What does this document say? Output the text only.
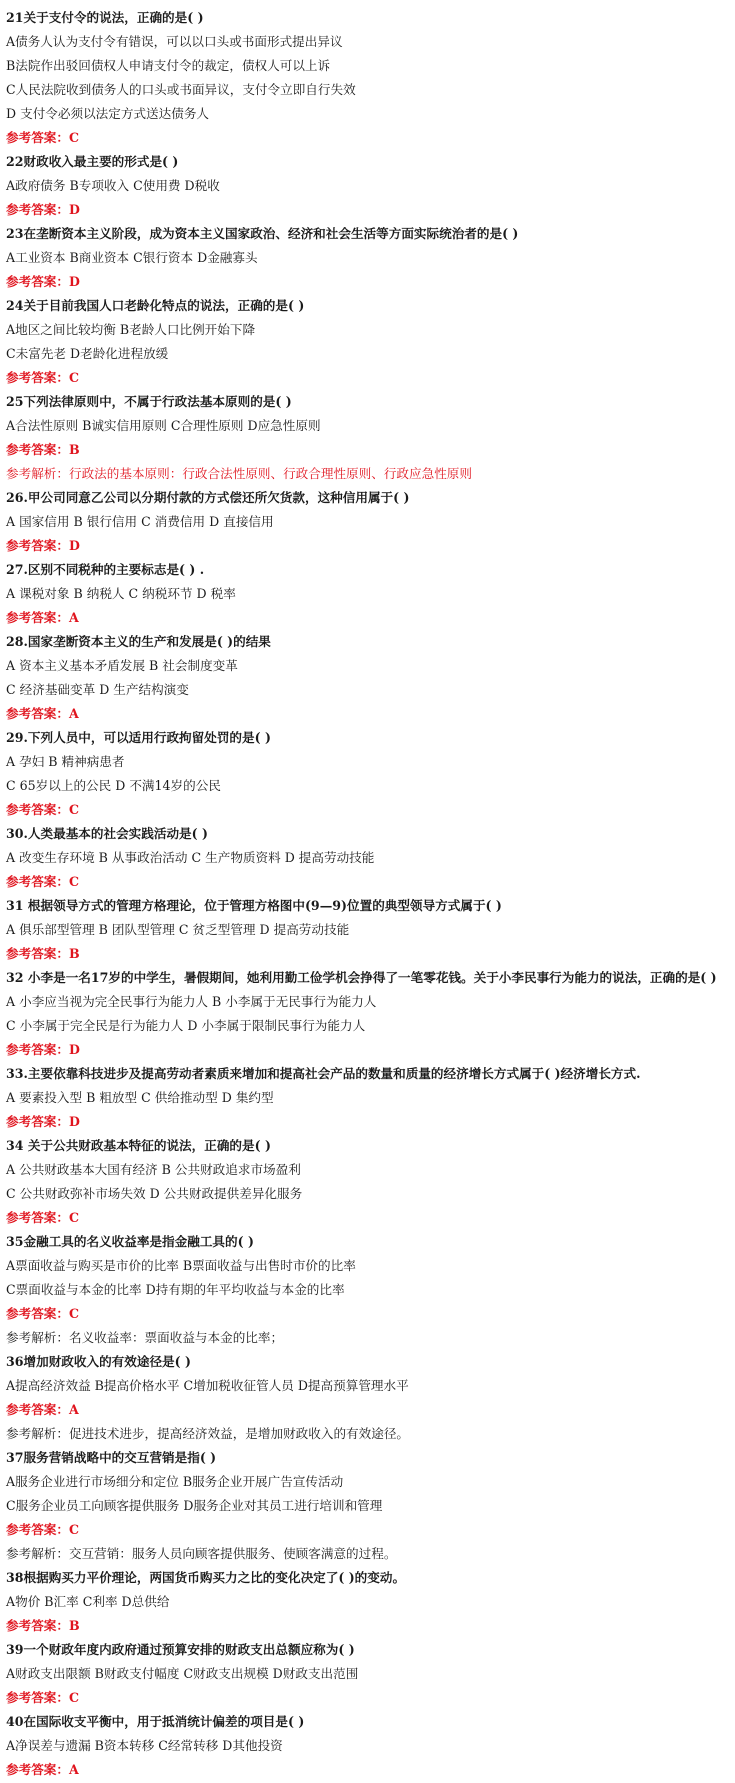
21关于支付令的说法，正确的是( )
A债务人认为支付令有错误，可以以口头或书面形式提出异议
B法院作出驳回债权人申请支付令的裁定，债权人可以上诉
C人民法院收到债务人的口头或书面异议，支付令立即自行失效
D 支付令必须以法定方式送达债务人
参考答案：C
22财政收入最主要的形式是( )
A政府债务 B专项收入 C使用费 D税收
参考答案：D
23在垄断资本主义阶段，成为资本主义国家政治、经济和社会生活等方面实际统治者的是( )
A工业资本 B商业资本 C银行资本 D金融寡头
参考答案：D
24关于目前我国人口老龄化特点的说法，正确的是( )
A地区之间比较均衡 B老龄人口比例开始下降
C未富先老 D老龄化进程放缓
参考答案：C
25下列法律原则中，不属于行政法基本原则的是( )
A合法性原则 B诚实信用原则 C合理性原则 D应急性原则
参考答案：B
参考解析：行政法的基本原则：行政合法性原则、行政合理性原则、行政应急性原则
26.甲公司同意乙公司以分期付款的方式偿还所欠货款，这种信用属于( )
A 国家信用 B 银行信用 C 消费信用 D 直接信用
参考答案：D
27.区别不同税种的主要标志是( ) .
A 课税对象 B 纳税人 C 纳税环节 D 税率
参考答案：A
28.国家垄断资本主义的生产和发展是( )的结果
A 资本主义基本矛盾发展 B 社会制度变革
C 经济基础变革 D 生产结构演变
参考答案：A
29.下列人员中，可以适用行政拘留处罚的是( )
A 孕妇 B 精神病患者
C 65岁以上的公民 D 不满14岁的公民
参考答案：C
30.人类最基本的社会实践活动是( )
A 改变生存环境 B 从事政治活动 C 生产物质资料 D 提高劳动技能
参考答案：C
31 根据领导方式的管理方格理论，位于管理方格图中(9—9)位置的典型领导方式属于( )
A 俱乐部型管理 B 团队型管理 C 贫乏型管理 D 提高劳动技能
参考答案：B
32 小李是一名17岁的中学生，暑假期间，她利用勤工俭学机会挣得了一笔零花钱。关于小李民事行为能力的说法，正确的是( )
A 小李应当视为完全民事行为能力人 B 小李属于无民事行为能力人
C 小李属于完全民是行为能力人 D 小李属于限制民事行为能力人
参考答案：D
33.主要依靠科技进步及提高劳动者素质来增加和提高社会产品的数量和质量的经济增长方式属于( )经济增长方式.
A 要素投入型 B 粗放型 C 供给推动型 D 集约型
参考答案：D
34 关于公共财政基本特征的说法，正确的是( )
A 公共财政基本大国有经济 B 公共财政追求市场盈利
C 公共财政弥补市场失效 D 公共财政提供差异化服务
参考答案：C
35金融工具的名义收益率是指金融工具的( )
A票面收益与购买是市价的比率 B票面收益与出售时市价的比率
C票面收益与本金的比率 D持有期的年平均收益与本金的比率
参考答案：C
参考解析：名义收益率：票面收益与本金的比率；
36增加财政收入的有效途径是( )
A提高经济效益 B提高价格水平 C增加税收征管人员 D提高预算管理水平
参考答案：A
参考解析：促进技术进步，提高经济效益，是增加财政收入的有效途径。
37服务营销战略中的交互营销是指( )
A服务企业进行市场细分和定位 B服务企业开展广告宣传活动
C服务企业员工向顾客提供服务 D服务企业对其员工进行培训和管理
参考答案：C
参考解析：交互营销：服务人员向顾客提供服务、使顾客满意的过程。
38根据购买力平价理论，两国货币购买力之比的变化决定了( )的变动。
A物价 B汇率 C利率 D总供给
参考答案：B
39一个财政年度内政府通过预算安排的财政支出总额应称为( )
A财政支出限额 B财政支付幅度 C财政支出规模 D财政支出范围
参考答案：C
40在国际收支平衡中，用于抵消统计偏差的项目是( )
A净误差与遗漏 B资本转移 C经常转移 D其他投资
参考答案：A
